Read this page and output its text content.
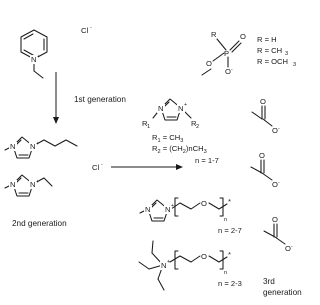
N +
Cl -
R
P
O
O -
O
R = H
R = CH 3
R = OCH 3
1st generation
N N +
N N +
2nd generation
Cl -
N N +
R 1	R 2
$R_1 = CH_3$
$R_2 = (CH_2)nCH_3$
n = 1-7
O
O -
O
O -
N N +	O
n
*
n = 2-7
O
O -
N +
O
n
*
n = 2-3	3rd
generation
